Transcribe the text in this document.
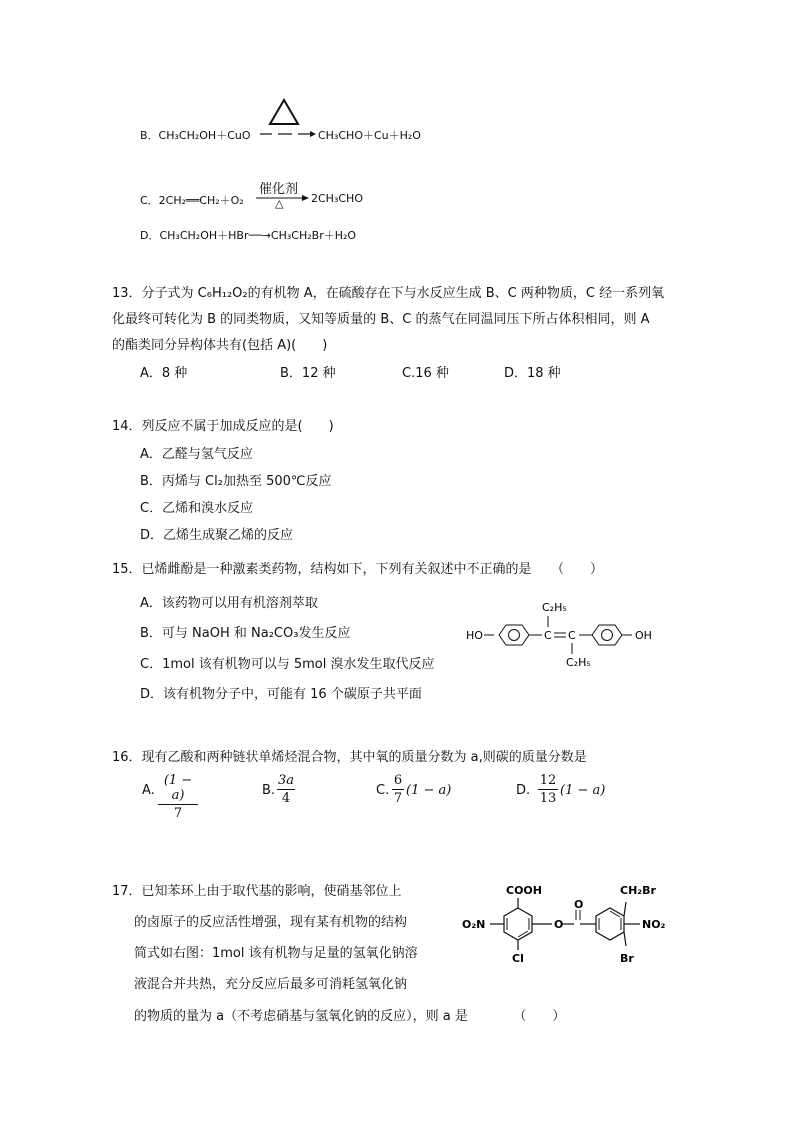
B．CH₃CH₂OH＋CuO	CH₃CHO＋Cu＋H₂O
C．2CH₂══CH₂＋O₂
催化剂
△	2CH₃CHO
D．CH₃CH₂OH＋HBr──→CH₃CH₂Br＋H₂O
13．分子式为 C₆H₁₂O₂的有机物 A，在硫酸存在下与水反应生成 B、C 两种物质，C 经一系列氧
化最终可转化为 B 的同类物质，又知等质量的 B、C 的蒸气在同温同压下所占体积相同，则 A
的酯类同分异构体共有(包括 A)(　　)
A．8 种	B．12 种	C.16 种	D．18 种
14．列反应不属于加成反应的是(　　)
A．乙醛与氢气反应
B．丙烯与 Cl₂加热至 500℃反应
C．乙烯和溴水反应
D．乙烯生成聚乙烯的反应
15．已烯雌酚是一种激素类药物，结构如下，下列有关叙述中不正确的是　　（　　）
A．该药物可以用有机溶剂萃取
B．可与 NaOH 和 Na₂CO₃发生反应
C．1mol 该有机物可以与 5mol 溴水发生取代反应
D．该有机物分子中，可能有 16 个碳原子共平面
HO	C C
C₂H₅
C₂H₅
OH
16．现有乙酸和两种链状单烯烃混合物，其中氧的质量分数为 a,则碳的质量分数是
A.
(1 − a)
7
B.
3a
4
C.
6
7
(1 − a)	D.
12
13
(1 − a)
17．已知苯环上由于取代基的影响，使硝基邻位上
的卤原子的反应活性增强，现有某有机物的结构
简式如右图：1mol 该有机物与足量的氢氧化钠溶
液混合并共热，充分反应后最多可消耗氢氧化钠
的物质的量为 a（不考虑硝基与氢氧化钠的反应），则 a 是　　　　（　　）
COOH
O₂N
Cl
O
O
CH₂Br
NO₂
Br
